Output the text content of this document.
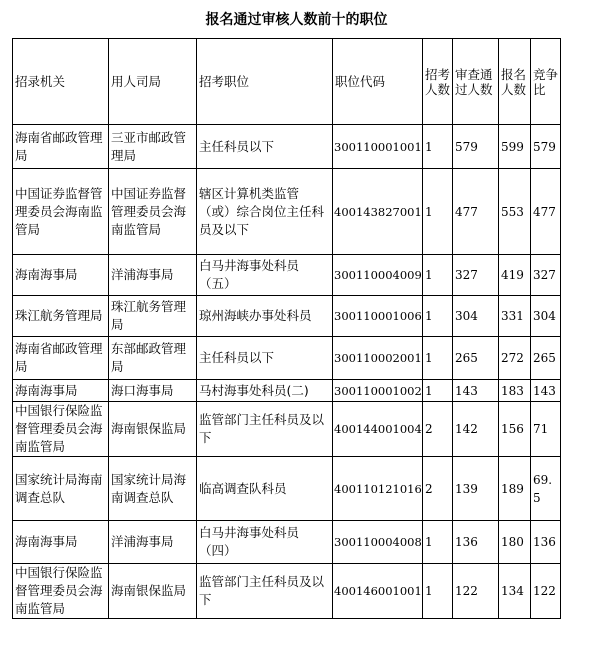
报名通过审核人数前十的职位
招录机关	用人司局	招考职位	职位代码	招考人数	审查通过人数	报名人数	竞争比
海南省邮政管理局	三亚市邮政管理局	主任科员以下	300110001001	1	579	599	579
中国证券监督管理委员会海南监管局	中国证券监督管理委员会海南监管局	辖区计算机类监管（或）综合岗位主任科员及以下	400143827001	1	477	553	477
海南海事局	洋浦海事局	白马井海事处科员（五）	300110004009	1	327	419	327
珠江航务管理局	珠江航务管理局	琼州海峡办事处科员	300110001006	1	304	331	304
海南省邮政管理局	东部邮政管理局	主任科员以下	300110002001	1	265	272	265
海南海事局	海口海事局	马村海事处科员(二)	300110001002	1	143	183	143
中国银行保险监督管理委员会海南监管局	海南银保监局	监管部门主任科员及以下	400144001004	2	142	156	71
国家统计局海南调查总队	国家统计局海南调查总队	临高调查队科员	400110121016	2	139	189	69.5
海南海事局	洋浦海事局	白马井海事处科员（四）	300110004008	1	136	180	136
中国银行保险监督管理委员会海南监管局	海南银保监局	监管部门主任科员及以下	400146001001	1	122	134	122
